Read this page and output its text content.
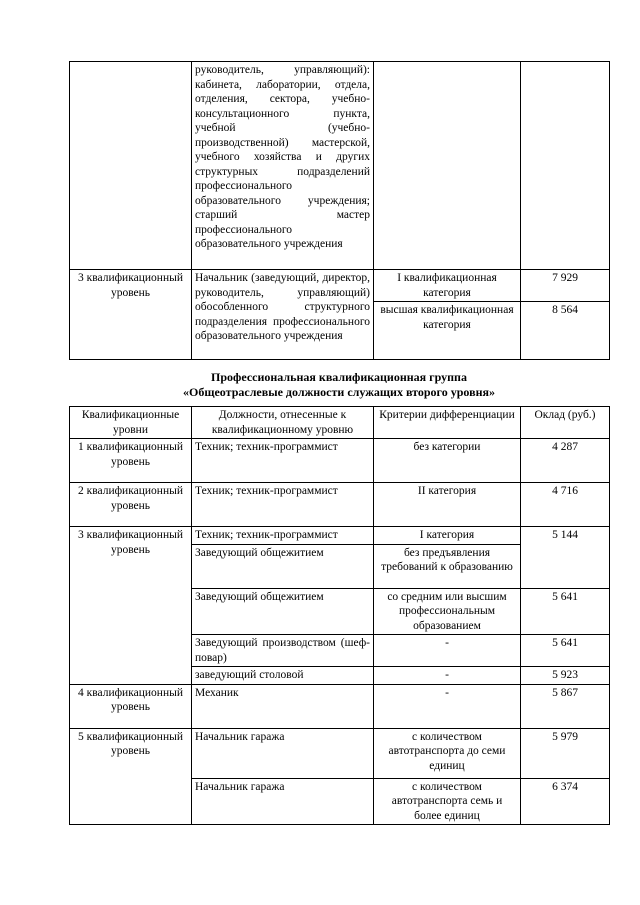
	руководитель, управляющий): кабинета, лаборатории, отдела, отделения, сектора, учебно-консультационного пункта, учебной (учебно-производственной) мастерской, учебного хозяйства и других структурных подразделений профессионального образовательного учреждения; старший мастер профессионального образовательного учреждения		
3 квалификационный уровень	Начальник (заведующий, директор, руководитель, управляющий) обособленного структурного подразделения профессионального образовательного учреждения	I квалификационная категория	7 929
		высшая квалификационная категория	8 564
Профессиональная квалификационная группа
«Общеотраслевые должности служащих второго уровня»
Квалификационные уровни	Должности, отнесенные к квалификационному уровню	Критерии дифференциации	Оклад (руб.)
1 квалификационный уровень	Техник; техник-программист	без категории	4 287
2 квалификационный уровень	Техник; техник-программист	II категория	4 716
3 квалификационный уровень	Техник; техник-программист	I категория	5 144
	Заведующий общежитием	без предъявления требований к образованию	
	Заведующий общежитием	со средним или высшим профессиональным образованием	5 641
	Заведующий производством (шеф-повар)	-	5 641
	заведующий столовой	-	5 923
4 квалификационный уровень	Механик	-	5 867
5 квалификационный уровень	Начальник гаража	с количеством автотранспорта до семи единиц	5 979
	Начальник гаража	с количеством автотранспорта семь и более единиц	6 374
